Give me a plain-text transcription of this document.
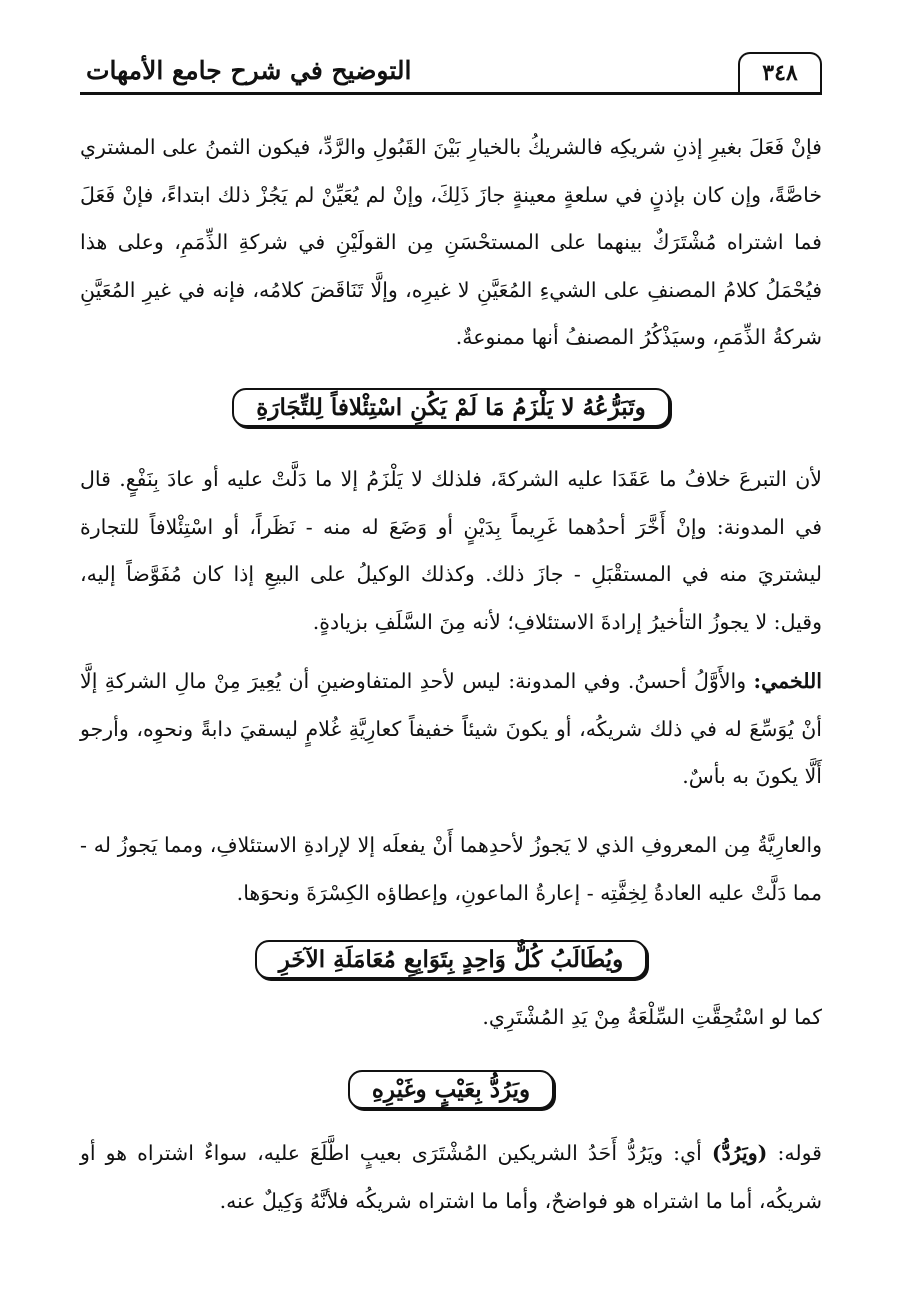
التوضيح في شرح جامع الأمهات	٣٤٨

فإنْ فَعَلَ بغيرِ إذنِ شريكِه فالشريكُ بالخيارِ بَيْنَ القَبُولِ والرَّدِّ، فيكون الثمنُ على المشتري خاصَّةً، وإن كان بإذنٍ في سلعةٍ معينةٍ جازَ ذَلِكَ، وإنْ لم يُعَيِّنْ لم يَجُزْ ذلك ابتداءً، فإنْ فَعَلَ فما اشتراه مُشْتَرَكٌ بينهما على المستحْسَنِ مِن القولَيْنِ في شركةِ الذِّمَمِ، وعلى هذا فيُحْمَلُ كلامُ المصنفِ على الشيءِ المُعَيَّنِ لا غيرِه، وإلَّا تَنَاقَضَ كلامُه، فإنه في غيرِ المُعَيَّنِ شركةُ الذِّمَمِ، وسيَذْكُرُ المصنفُ أنها ممنوعةٌ.

وتَبَرُّعُهُ لا يَلْزَمُ مَا لَمْ يَكُنِ اسْتِئْلافاً لِلتِّجَارَةِ

لأن التبرعَ خلافُ ما عَقَدَا عليه الشركةَ، فلذلك لا يَلْزَمُ إلا ما دَلَّتْ عليه أو عادَ بِنَفْعٍ. قال في المدونة: وإنْ أَخَّرَ أحدُهما غَرِيماً بِدَيْنٍ أو وَضَعَ له منه - نَظَراً، أو اسْتِئْلافاً للتجارة ليشتريَ منه في المستقْبَلِ - جازَ ذلك. وكذلك الوكيلُ على البيعِ إذا كان مُفَوَّضاً إليه، وقيل: لا يجوزُ التأخيرُ إرادةَ الاستئلافِ؛ لأنه مِنَ السَّلَفِ بزيادةٍ.

اللخمي: والأَوَّلُ أحسنُ. وفي المدونة: ليس لأحدِ المتفاوضينِ أن يُعِيرَ مِنْ مالِ الشركةِ إلَّا أنْ يُوَسِّعَ له في ذلك شريكُه، أو يكونَ شيئاً خفيفاً كعارِيَّةِ غُلامٍ ليسقيَ دابةً ونحوِه، وأرجو أَلَّا يكونَ به بأسٌ.

والعارِيَّةُ مِن المعروفِ الذي لا يَجوزُ لأحدِهما أَنْ يفعلَه إلا لإرادةِ الاستئلافِ، ومما يَجوزُ له - مما دَلَّتْ عليه العادةُ لِخِفَّتِه - إعارةُ الماعونِ، وإعطاؤه الكِسْرَةَ ونحوَها.

ويُطَالَبُ كُلٌّ وَاحِدٍ بِتَوَابِعِ مُعَامَلَةِ الآخَرِ

كما لو اسْتُحِقَّتِ السِّلْعَةُ مِنْ يَدِ المُشْتَرِي.

ويَرُدُّ بِعَيْبٍ وغَيْرِهِ

قوله: (ويَرُدُّ) أي: ويَرُدُّ أَحَدُ الشريكين المُشْتَرَى بعيبٍ اطَّلَعَ عليه، سواءٌ اشتراه هو أو شريكُه، أما ما اشتراه هو فواضحٌ، وأما ما اشتراه شريكُه فلأنَّهُ وَكِيلٌ عنه.
